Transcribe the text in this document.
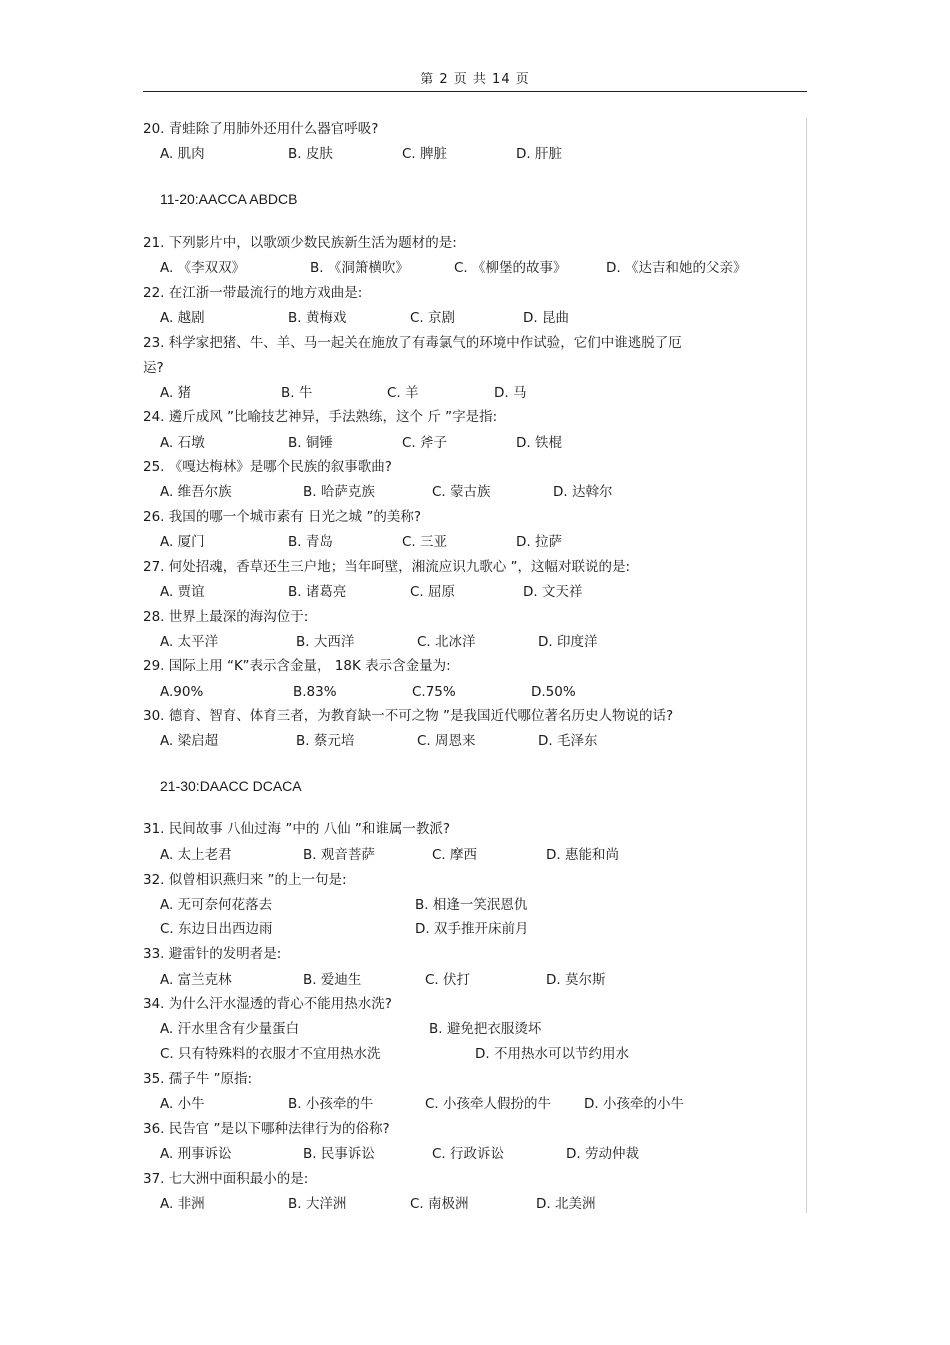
第 2 页 共 14 页
20. 青蛙除了用肺外还用什么器官呼吸?
A. 肌肉	B. 皮肤	C. 脾脏	D. 肝脏
11-20:AACCA ABDCB
21. 下列影片中，以歌颂少数民族新生活为题材的是:
A. 《李双双》	B. 《洞箫横吹》	C. 《柳堡的故事》	D. 《达吉和她的父亲》
22. 在江浙一带最流行的地方戏曲是:
A. 越剧	B. 黄梅戏	C. 京剧	D. 昆曲
23. 科学家把猪、牛、羊、马一起关在施放了有毒氯气的环境中作试验，它们中谁逃脱了厄
运?
A. 猪	B. 牛	C. 羊	D. 马
24. 遴斤成风 ”比喻技艺神异，手法熟练，这个 斤 ”字是指:
A. 石墩	B. 铜锤	C. 斧子	D. 铁棍
25. 《嘎达梅林》是哪个民族的叙事歌曲?
A. 维吾尔族	B. 哈萨克族	C. 蒙古族	D. 达斡尔
26. 我国的哪一个城市素有 日光之城 ”的美称?
A. 厦门	B. 青岛	C. 三亚	D. 拉萨
27. 何处招魂，香草还生三户地；当年呵壁，湘流应识九歌心 ”，这幅对联说的是:
A. 贾谊	B. 诸葛亮	C. 屈原	D. 文天祥
28. 世界上最深的海沟位于:
A. 太平洋	B. 大西洋	C. 北冰洋	D. 印度洋
29. 国际上用 “K”表示含金量， 18K 表示含金量为:
A.90%	B.83%	C.75%	D.50%
30. 德育、智育、体育三者，为教育缺一不可之物 ”是我国近代哪位著名历史人物说的话?
A. 梁启超	B. 蔡元培	C. 周恩来	D. 毛泽东
21-30:DAACC DCACA
31. 民间故事 八仙过海 ”中的 八仙 ”和谁属一教派?
A. 太上老君	B. 观音菩萨	C. 摩西	D. 惠能和尚
32. 似曾相识燕归来 ”的上一句是:
A. 无可奈何花落去	B. 相逢一笑泯恩仇
C. 东边日出西边雨	D. 双手推开床前月
33. 避雷针的发明者是:
A. 富兰克林	B. 爱迪生	C. 伏打	D. 莫尔斯
34. 为什么汗水湿透的背心不能用热水洗?
A. 汗水里含有少量蛋白	B. 避免把衣服烫坏
C. 只有特殊料的衣服才不宜用热水洗	D. 不用热水可以节约用水
35. 孺子牛 ”原指:
A. 小牛	B. 小孩牵的牛	C. 小孩牵人假扮的牛 D. 小孩牵的小牛
36. 民告官 ”是以下哪种法律行为的俗称?
A. 刑事诉讼	B. 民事诉讼	C. 行政诉讼	D. 劳动仲裁
37. 七大洲中面积最小的是:
A. 非洲	B. 大洋洲	C. 南极洲	D. 北美洲
